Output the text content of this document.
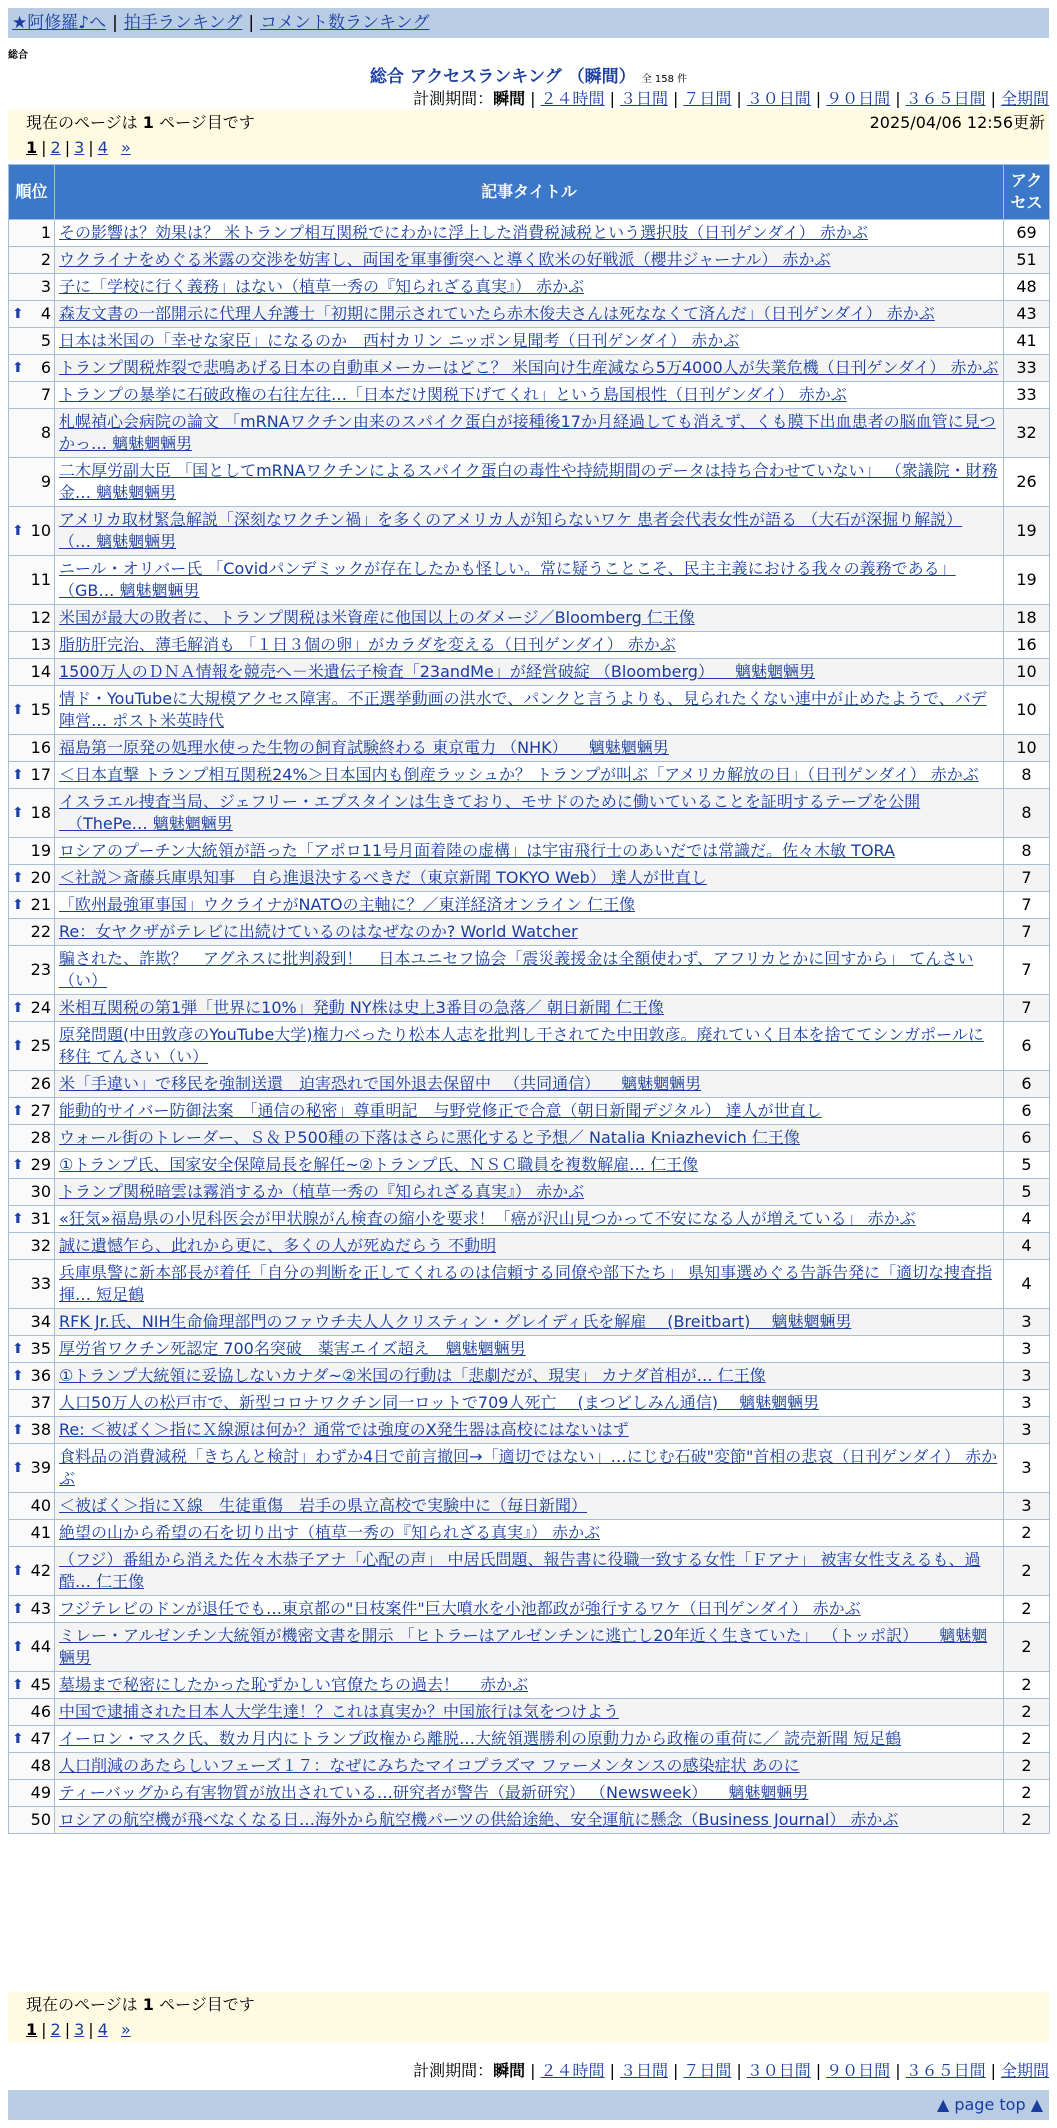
★阿修羅♪へ | 拍手ランキング | コメント数ランキング
総合
総合 アクセスランキング （瞬間） 全 158 件
計測期間：瞬間 | ２４時間 | ３日間 | ７日間 | ３０日間 | ９０日間 | ３６５日間 | 全期間
現在のページは 1 ページ目です	2025/04/06 12:56更新
1 | 2 | 3 | 4 »
順位	記事タイトル	アクセス
1	その影響は？効果は？ 米トランプ相互関税でにわかに浮上した消費税減税という選択肢（日刊ゲンダイ） 赤かぶ	69
2	ウクライナをめぐる米露の交渉を妨害し、両国を軍事衝突へと導く欧米の好戦派（櫻井ジャーナル） 赤かぶ	51
3	子に「学校に行く義務」はない（植草一秀の『知られざる真実』） 赤かぶ	48

⬆ 4	森友文書の一部開示に代理人弁護士「初期に開示されていたら赤木俊夫さんは死ななくて済んだ」（日刊ゲンダイ） 赤かぶ	43
5	日本は米国の「幸せな家臣」になるのか　西村カリン ニッポン見聞考（日刊ゲンダイ） 赤かぶ	41

⬆ 6	トランプ関税炸裂で悲鳴あげる日本の自動車メーカーはどこ？ 米国向け生産減なら5万4000人が失業危機（日刊ゲンダイ） 赤かぶ	33
7	トランプの暴挙に石破政権の右往左往…「日本だけ関税下げてくれ」という島国根性（日刊ゲンダイ） 赤かぶ	33
8	札幌禎心会病院の論文 「mRNAワクチン由来のスパイク蛋白が接種後17か月経過しても消えず、くも膜下出血患者の脳血管に見つかっ… 魑魅魍魎男	32
9	二木厚労副大臣 「国としてmRNAワクチンによるスパイク蛋白の毒性や持続期間のデータは持ち合わせていない」 （衆議院・財務金… 魑魅魍魎男	26

⬆ 10	アメリカ取材緊急解説「深刻なワクチン禍」を多くのアメリカ人が知らないワケ 患者会代表女性が語る （大石が深掘り解説） （… 魑魅魍魎男	19
11	ニール・オリバー氏 「Covidパンデミックが存在したかも怪しい。常に疑うことこそ、民主主義における我々の義務である」 （GB… 魑魅魍魎男	19
12	米国が最大の敗者に、トランプ関税は米資産に他国以上のダメージ／Bloomberg 仁王像	18
13	脂肪肝完治、薄毛解消も 「１日３個の卵」がカラダを変える（日刊ゲンダイ） 赤かぶ	16
14	1500万人のＤＮＡ情報を競売へ－米遺伝子検査「23andMe」が経営破綻 （Bloomberg） 　魑魅魍魎男	10

⬆ 15	情ド・YouTubeに大規模アクセス障害。不正選挙動画の洪水で、パンクと言うよりも、見られたくない連中が止めたようで、バデ陣営… ポスト米英時代	10
16	福島第一原発の処理水使った生物の飼育試験終わる 東京電力 （NHK） 　魑魅魍魎男	10

⬆ 17	＜日本直撃 トランプ相互関税24%＞日本国内も倒産ラッシュか？ トランプが叫ぶ「アメリカ解放の日」（日刊ゲンダイ） 赤かぶ	8

⬆ 18	イスラエル捜査当局、ジェフリー・エプスタインは生きており、モサドのために働いていることを証明するテープを公開 　（ThePe… 魑魅魍魎男	8
19	ロシアのプーチン大統領が語った「アポロ11号月面着陸の虚構」は宇宙飛行士のあいだでは常識だ。佐々木敏 TORA	8

⬆ 20	＜社説＞斎藤兵庫県知事　自ら進退決するべきだ（東京新聞 TOKYO Web） 達人が世直し	7

⬆ 21	「欧州最強軍事国」ウクライナがNATOの主軸に？／東洋経済オンライン 仁王像	7
22	Re：女ヤクザがテレビに出続けているのはなぜなのか? World Watcher	7
23	騙された、詐欺？　アグネスに批判殺到！　日本ユニセフ協会「震災義援金は全額使わず、アフリカとかに回すから」 てんさい（い）	7

⬆ 24	米相互関税の第1弾「世界に10%」発動 NY株は史上3番目の急落／ 朝日新聞 仁王像	7

⬆ 25	原発問題(中田敦彦のYouTube大学)権力べったり松本人志を批判し干されてた中田敦彦。廃れていく日本を捨ててシンガポールに移住 てんさい（い）	6
26	米「手違い」で移民を強制送還　迫害恐れで国外退去保留中 　（共同通信） 　魑魅魍魎男	6

⬆ 27	能動的サイバー防御法案　「通信の秘密」尊重明記　与野党修正で合意（朝日新聞デジタル） 達人が世直し	6
28	ウォール街のトレーダー、Ｓ＆Ｐ500種の下落はさらに悪化すると予想／ Natalia Kniazhevich 仁王像	6

⬆ 29	①トランプ氏、国家安全保障局長を解任~②トランプ氏、ＮＳＣ職員を複数解雇… 仁王像	5
30	トランプ関税暗雲は霧消するか（植草一秀の『知られざる真実』） 赤かぶ	5

⬆ 31	«狂気»福島県の小児科医会が甲状腺がん検査の縮小を要求！「癌が沢山見つかって不安になる人が増えている」 赤かぶ	4
32	誠に遺憾乍ら、此れから更に、多くの人が死ぬだらう 不動明	4
33	兵庫県警に新本部長が着任「自分の判断を正してくれるのは信頼する同僚や部下たち」 県知事選めぐる告訴告発に「適切な捜査指揮… 短足鶴	4
34	RFK Jr.氏、NIH生命倫理部門のファウチ夫人人クリスティン・グレイディ氏を解雇 　(Breitbart) 　魑魅魍魎男	3

⬆ 35	厚労省ワクチン死認定 700名突破　薬害エイズ超え　魑魅魍魎男	3

⬆ 36	①トランプ大統領に妥協しないカナダ~②米国の行動は「悲劇だが、現実」 カナダ首相が… 仁王像	3
37	人口50万人の松戸市で、新型コロナワクチン同一ロットで709人死亡 　(まつどしみん通信) 　魑魅魍魎男	3

⬆ 38	Re: ＜被ばく＞指にＸ線源は何か？通常では強度のX発生器は高校にはないはず	3

⬆ 39	食料品の消費減税「きちんと検討」わずか4日で前言撤回→「適切ではない」…にじむ石破"変節"首相の悲哀（日刊ゲンダイ） 赤かぶ	3
40	＜被ばく＞指にＸ線　生徒重傷　岩手の県立高校で実験中に（毎日新聞）	3
41	絶望の山から希望の石を切り出す（植草一秀の『知られざる真実』） 赤かぶ	2

⬆ 42	（フジ）番組から消えた佐々木恭子アナ「心配の声」 中居氏問題、報告書に役職一致する女性「Ｆアナ」 被害女性支えるも、過酷… 仁王像	2

⬆ 43	フジテレビのドンが退任でも…東京都の"日枝案件"巨大噴水を小池都政が強行するワケ（日刊ゲンダイ） 赤かぶ	2

⬆ 44	ミレー・アルゼンチン大統領が機密文書を開示 「ヒトラーはアルゼンチンに逃亡し20年近く生きていた」 （トッポ訳） 　魑魅魍魎男	2

⬆ 45	墓場まで秘密にしたかった恥ずかしい官僚たちの過去！ 　赤かぶ	2
46	中国で逮捕された日本人大学生達！？これは真実か？中国旅行は気をつけよう	2

⬆ 47	イーロン・マスク氏、数カ月内にトランプ政権から離脱…大統領選勝利の原動力から政権の重荷に／ 読売新聞 短足鶴	2
48	人口削減のあたらしいフェーズ１７：なぜにみちたマイコプラズマ ファーメンタンスの感染症状 あのに	2
49	ティーバッグから有害物質が放出されている…研究者が警告（最新研究） （Newsweek） 　魑魅魍魎男	2
50	ロシアの航空機が飛べなくなる日…海外から航空機パーツの供給途絶、安全運航に懸念（Business Journal） 赤かぶ	2
現在のページは 1 ページ目です
1 | 2 | 3 | 4 »
計測期間：瞬間 | ２４時間 | ３日間 | ７日間 | ３０日間 | ９０日間 | ３６５日間 | 全期間
▲ page top ▲
